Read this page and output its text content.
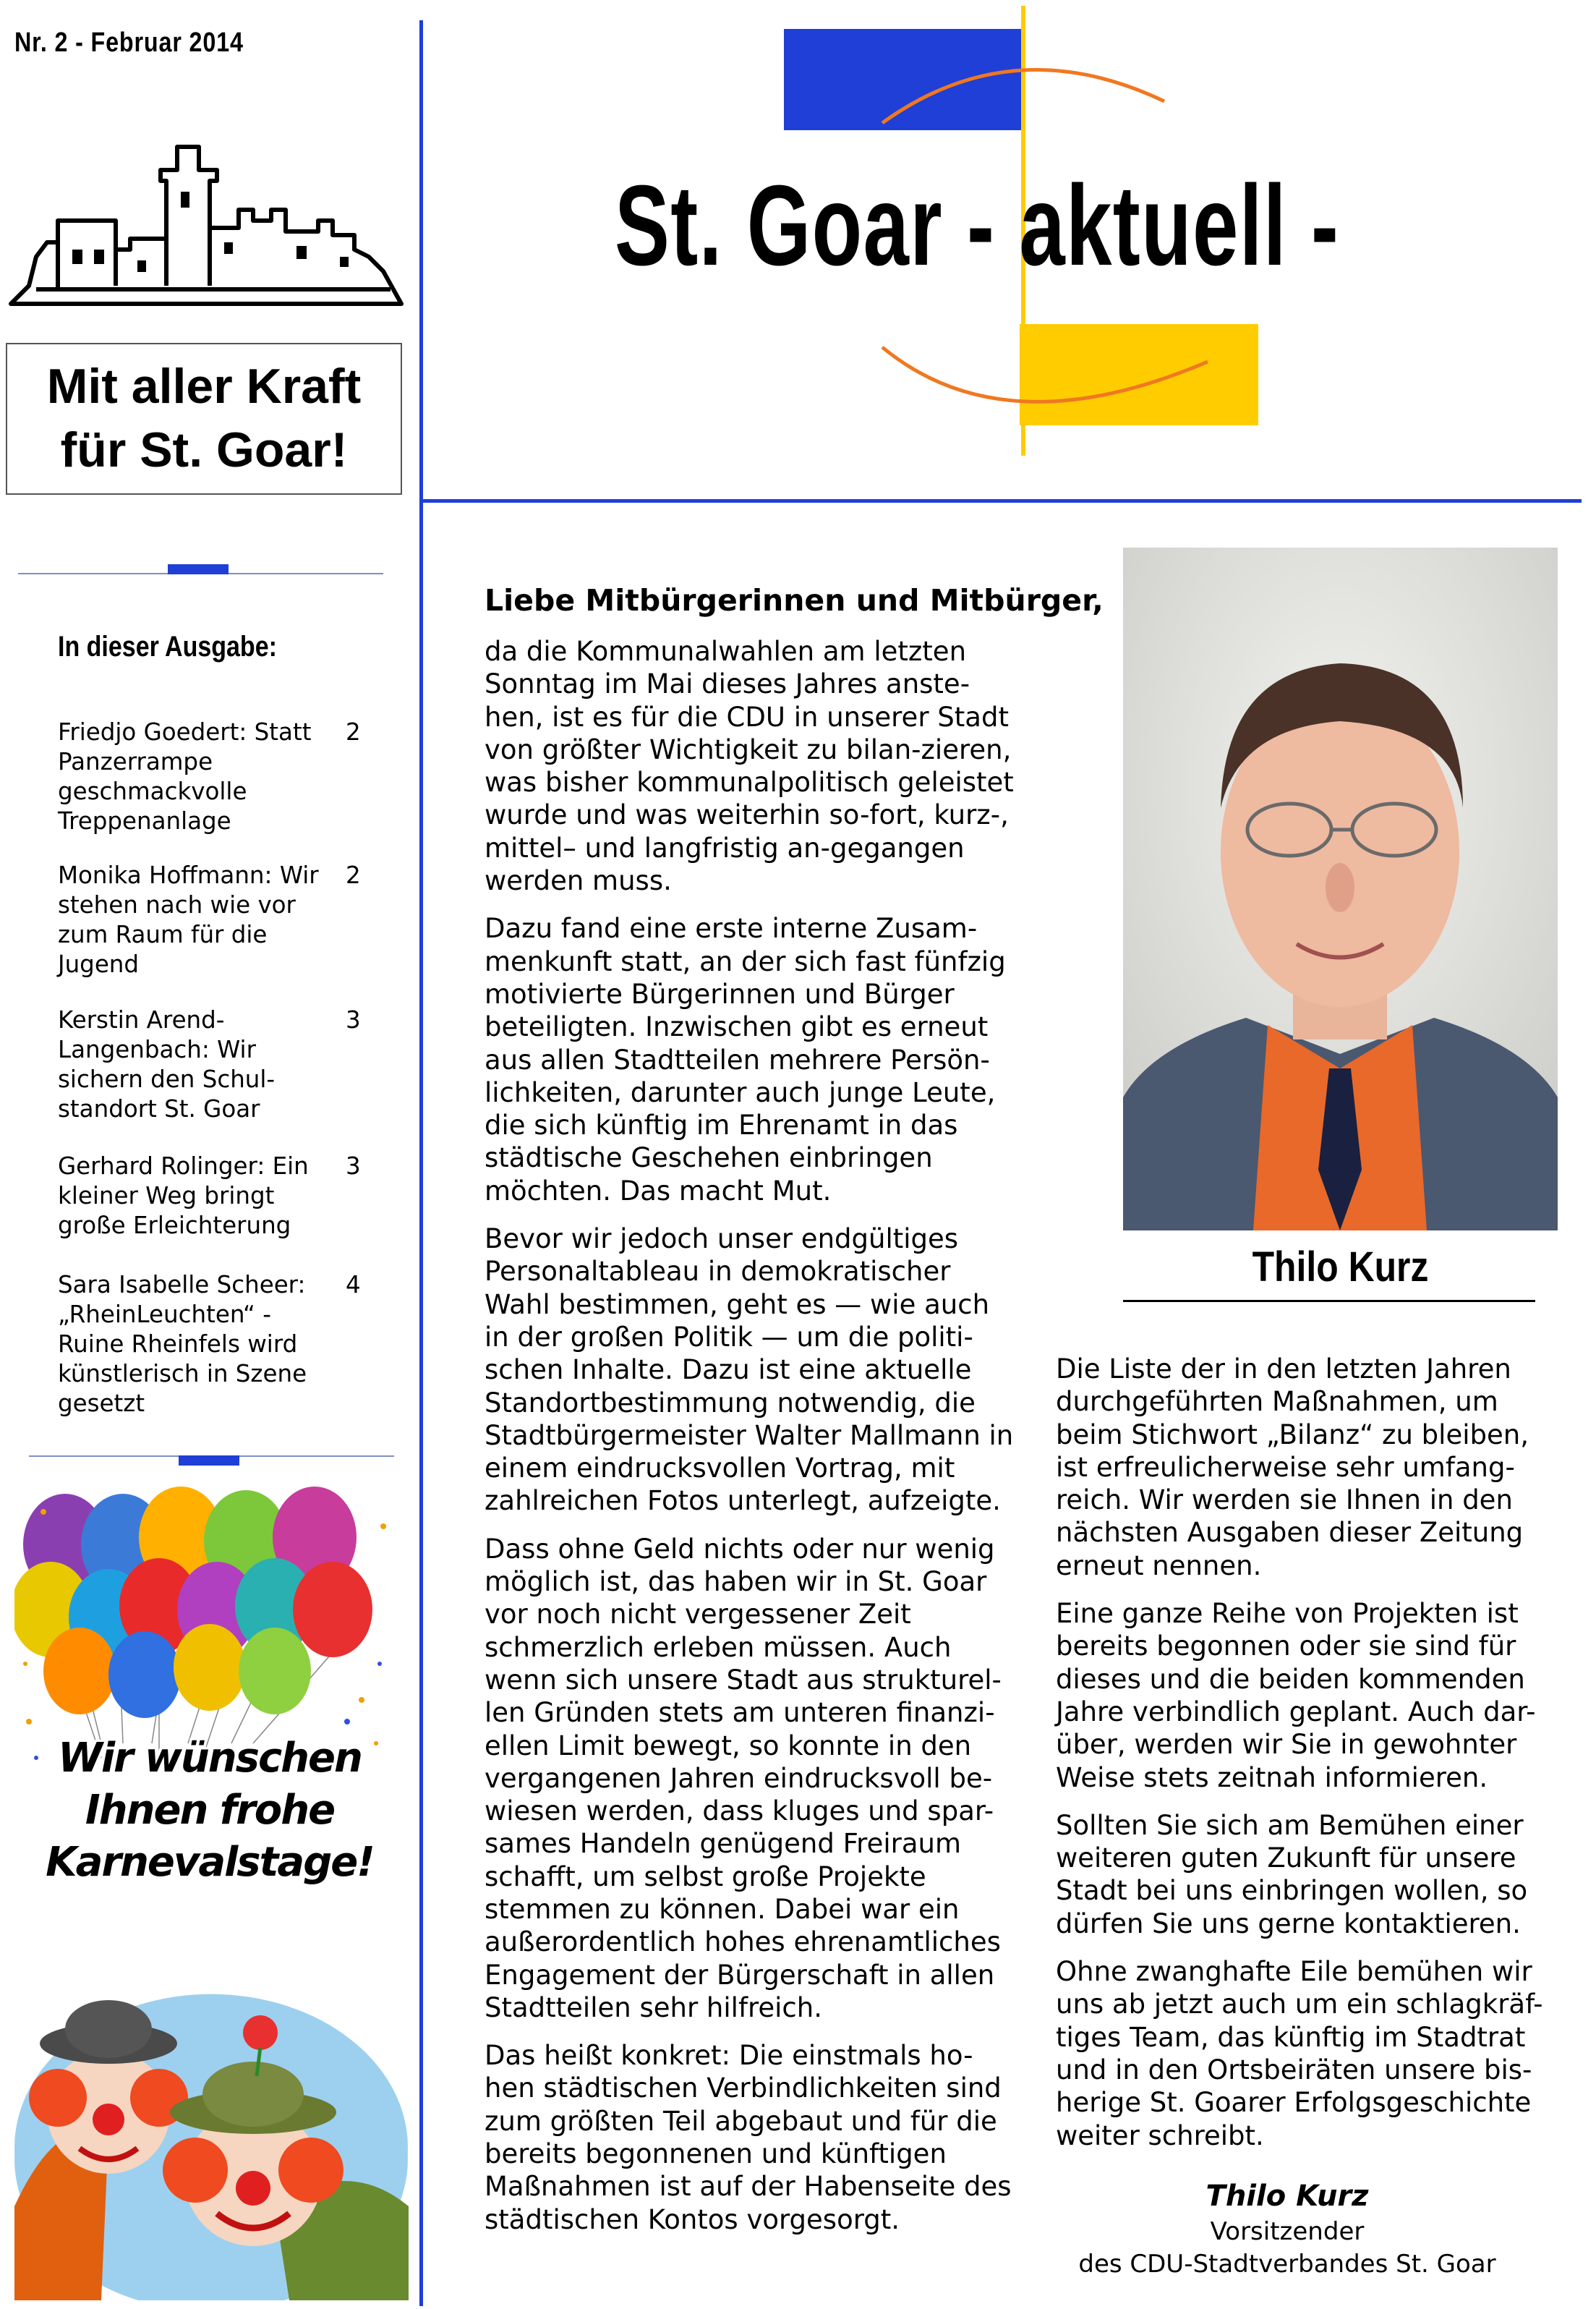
Nr. 2 - Februar 2014
St. Goar - aktuell -
Mit aller Kraft
für St. Goar!
In dieser Ausgabe:
Friedjo Goedert: Statt Panzerrampe geschmackvolle Treppenanlage
2
Monika Hoffmann: Wir stehen nach wie vor zum Raum für die Jugend
2
Kerstin Arend-Langenbach: Wir sichern den Schul-standort St. Goar
3
Gerhard Rolinger: Ein kleiner Weg bringt große Erleichterung
3
Sara Isabelle Scheer: „RheinLeuchten“ - Ruine Rheinfels wird künstlerisch in Szene gesetzt
4
Wir wünschen
Ihnen frohe
Karnevalstage!
Liebe Mitbürgerinnen und Mitbürger,

da die Kommunalwahlen am letzten Sonntag im Mai dieses Jahres anste-hen, ist es für die CDU in unserer Stadt von größter Wichtigkeit zu bilan-zieren, was bisher kommunalpolitisch geleistet wurde und was weiterhin so-fort, kurz-, mittel– und langfristig an-gegangen werden muss.

Dazu fand eine erste interne Zusam-menkunft statt, an der sich fast fünfzig motivierte Bürgerinnen und Bürger beteiligten. Inzwischen gibt es erneut aus allen Stadtteilen mehrere Persön-lichkeiten, darunter auch junge Leute, die sich künftig im Ehrenamt in das städtische Geschehen einbringen möchten. Das macht Mut.

Bevor wir jedoch unser endgültiges Personaltableau in demokratischer Wahl bestimmen, geht es — wie auch in der großen Politik — um die politi-schen Inhalte. Dazu ist eine aktuelle Standortbestimmung notwendig, die Stadtbürgermeister Walter Mallmann in einem eindrucksvollen Vortrag, mit zahlreichen Fotos unterlegt, aufzeigte.

Dass ohne Geld nichts oder nur wenig möglich ist, das haben wir in St. Goar vor noch nicht vergessener Zeit schmerzlich erleben müssen. Auch wenn sich unsere Stadt aus strukturel-len Gründen stets am unteren finanzi-ellen Limit bewegt, so konnte in den vergangenen Jahren eindrucksvoll be-wiesen werden, dass kluges und spar-sames Handeln genügend Freiraum schafft, um selbst große Projekte stemmen zu können. Dabei war ein außerordentlich hohes ehrenamtliches Engagement der Bürgerschaft in allen Stadtteilen sehr hilfreich.

Das heißt konkret: Die einstmals ho-hen städtischen Verbindlichkeiten sind zum größten Teil abgebaut und für die bereits begonnenen und künftigen Maßnahmen ist auf der Habenseite des städtischen Kontos vorgesorgt.

Thilo Kurz

Die Liste der in den letzten Jahren durchgeführten Maßnahmen, um beim Stichwort „Bilanz“ zu bleiben, ist erfreulicherweise sehr umfang-reich. Wir werden sie Ihnen in den nächsten Ausgaben dieser Zeitung erneut nennen.

Eine ganze Reihe von Projekten ist bereits begonnen oder sie sind für dieses und die beiden kommenden Jahre verbindlich geplant. Auch dar-über, werden wir Sie in gewohnter Weise stets zeitnah informieren.

Sollten Sie sich am Bemühen einer weiteren guten Zukunft für unsere Stadt bei uns einbringen wollen, so dürfen Sie uns gerne kontaktieren.

Ohne zwanghafte Eile bemühen wir uns ab jetzt auch um ein schlagkräf-tiges Team, das künftig im Stadtrat und in den Ortsbeiräten unsere bis-herige St. Goarer Erfolgsgeschichte weiter schreibt.

Thilo Kurz
Vorsitzender
des CDU-Stadtverbandes St. Goar
